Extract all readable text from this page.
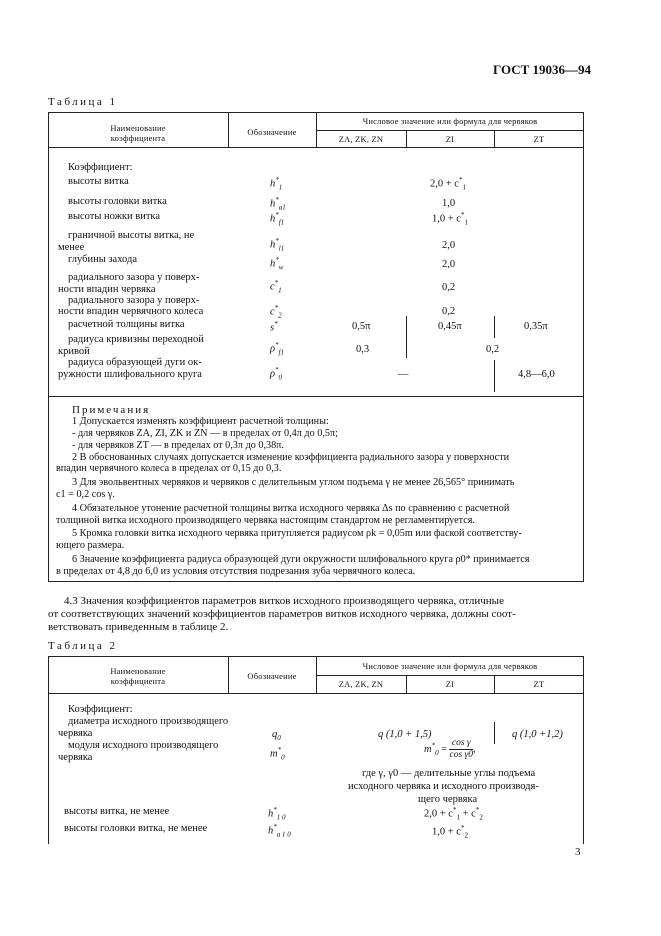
ГОСТ 19036—94
Таблица 1
Наименование
коэффициента
Обозначение
Числовое значение или формула для червяков
ZA, ZK, ZN	ZI	ZT
Коэффициент:
высоты витка	$h^*_1$	$2,0 + c^*_1$
высоты головки витка	$h^*_{a1}$	1,0
высоты ножки витка	$h^*_{f1}$	$1,0 + c^*_1$
граничной высоты витка, не
менее	$h^*_{l1}$	2,0
глубины захода	$h^*_w$	2,0
радиального зазора у поверх-
ности впадин червяка	$c^*_1$	0,2
радиального зазора у поверх-
ности впадин червячного колеса	$c^*_2$	0,2
расчетной толщины витка	s*	0,5π	0,45π	0,35π
радиуса кривизны переходной
кривой	$\rho^*_{f1}$	0,3	0,2
радиуса образующей дуги ок-
ружности шлифовального круга	$\rho^*_0$	—	4,8—6,0
Примечания
1 Допускается изменять коэффициент расчетной толщины:
- для червяков ZA, ZI, ZK и ZN — в пределах от 0,4π до 0,5π;
- для червяков ZT — в пределах от 0,3π до 0,38π.
2 В обоснованных случаях допускается изменение коэффициента радиального зазора у поверхности
впадин червячного колеса в пределах от 0,15 до 0,3.
3 Для эвольвентных червяков и червяков с делительным углом подъема γ не менее 26,565° принимать
c1 = 0,2 cos γ.
4 Обязательное утонение расчетной толщины витка исходного червяка Δs по сравнению с расчетной
толщиной витка исходного производящего червяка настоящим стандартом не регламентируется.
5 Кромка головки витка исходного червяка притупляется радиусом ρk = 0,05m или фаской соответству-
ющего размера.
6 Значение коэффициента радиуса образующей дуги окружности шлифовального круга ρ0* принимается
в пределах от 4,8 до 6,0 из условия отсутствия подрезания зуба червячного колеса.
4.3 Значения коэффициентов параметров витков исходного производящего червяка, отличные
от соответствующих значений коэффициентов параметров витков исходного червяка, должны соот-
ветствовать приведенным в таблице 2.
Таблица 2
Наименование
коэффициента	Обозначение
Числовое значение или формула для червяков
ZA, ZK, ZN	ZI	ZT
Коэффициент:
диаметра исходного производящего
червяка	$q_0$	q (1,0 + 1,5)	q (1,0 +1,2)
модуля исходного производящего
червяка	$m^*_0$
$m^*_0 = \frac{\text{cos γ}}{\text{cos γ0}}$ ,
где γ, γ0 — делительные углы подъема
исходного червяка и исходного производя-
щего червяка
высоты витка, не менее	$h^*_{1 0}$	$2,0 + c^*_1 + c^*_2$
высоты головки витка, не менее	$h^*_{a 1 0}$	$1,0 + c^*_2$
3
